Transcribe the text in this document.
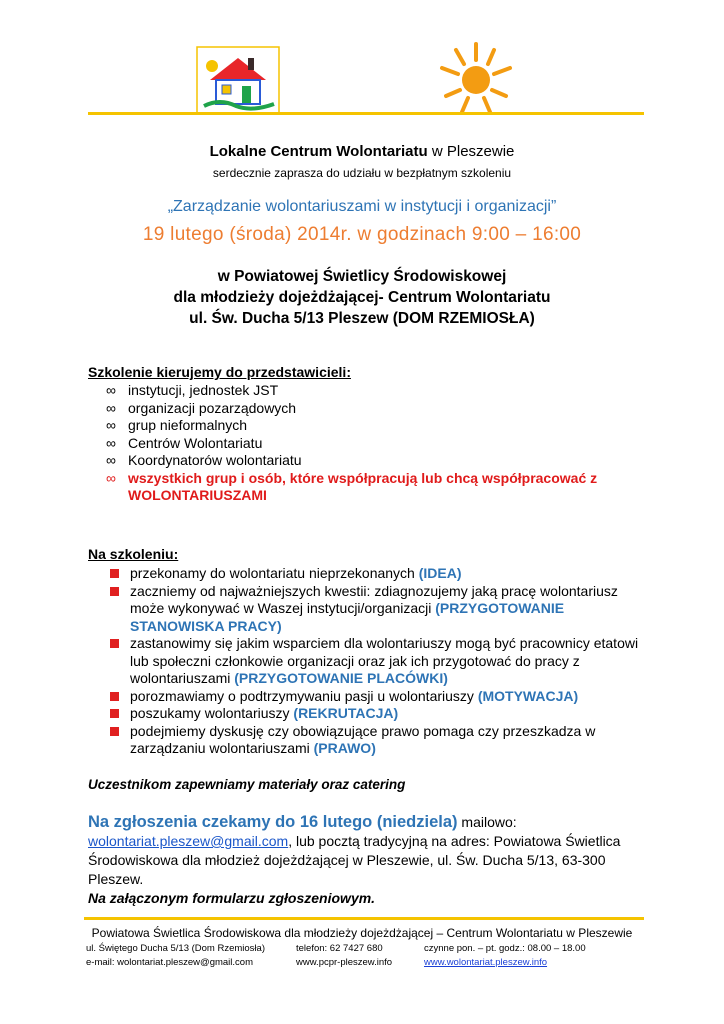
Lokalne Centrum Wolontariatu w Pleszewie
serdecznie zaprasza do udziału w bezpłatnym szkoleniu
„Zarządzanie wolontariuszami w instytucji i organizacji”
19 lutego (środa) 2014r. w godzinach 9:00 – 16:00
w Powiatowej Świetlicy Środowiskowej
dla młodzieży dojeżdżającej- Centrum Wolontariatu
ul. Św. Ducha 5/13 Pleszew (DOM RZEMIOSŁA)
Szkolenie kierujemy do przedstawicieli:
∞ instytucji, jednostek JST
∞ organizacji pozarządowych
∞ grup nieformalnych
∞ Centrów Wolontariatu
∞ Koordynatorów wolontariatu
∞ wszystkich grup i osób, które współpracują lub chcą współpracować z
WOLONTARIUSZAMI
Na szkoleniu:
przekonamy do wolontariatu nieprzekonanych (IDEA)
zaczniemy od najważniejszych kwestii: zdiagnozujemy jaką pracę wolontariusz
może wykonywać w Waszej instytucji/organizacji (PRZYGOTOWANIE
STANOWISKA PRACY)
zastanowimy się jakim wsparciem dla wolontariuszy mogą być pracownicy etatowi
lub społeczni członkowie organizacji oraz jak ich przygotować do pracy z
wolontariuszami (PRZYGOTOWANIE PLACÓWKI)
porozmawiamy o podtrzymywaniu pasji u wolontariuszy (MOTYWACJA)
poszukamy wolontariuszy (REKRUTACJA)
podejmiemy dyskusję czy obowiązujące prawo pomaga czy przeszkadza w
zarządzaniu wolontariuszami (PRAWO)
Uczestnikom zapewniamy materiały oraz catering
Na zgłoszenia czekamy do 16 lutego (niedziela) mailowo:
wolontariat.pleszew@gmail.com, lub pocztą tradycyjną na adres: Powiatowa Świetlica
Środowiskowa dla młodzież dojeżdżającej w Pleszewie, ul. Św. Ducha 5/13, 63-300
Pleszew.
Na załączonym formularzu zgłoszeniowym.
Powiatowa Świetlica Środowiskowa dla młodzieży dojeżdżającej – Centrum Wolontariatu w Pleszewie
ul. Świętego Ducha 5/13 (Dom Rzemiosła)	telefon: 62 7427 680	czynne pon. – pt. godz.: 08.00 – 18.00
e-mail: wolontariat.pleszew@gmail.com	www.pcpr-pleszew.info	www.wolontariat.pleszew.info
